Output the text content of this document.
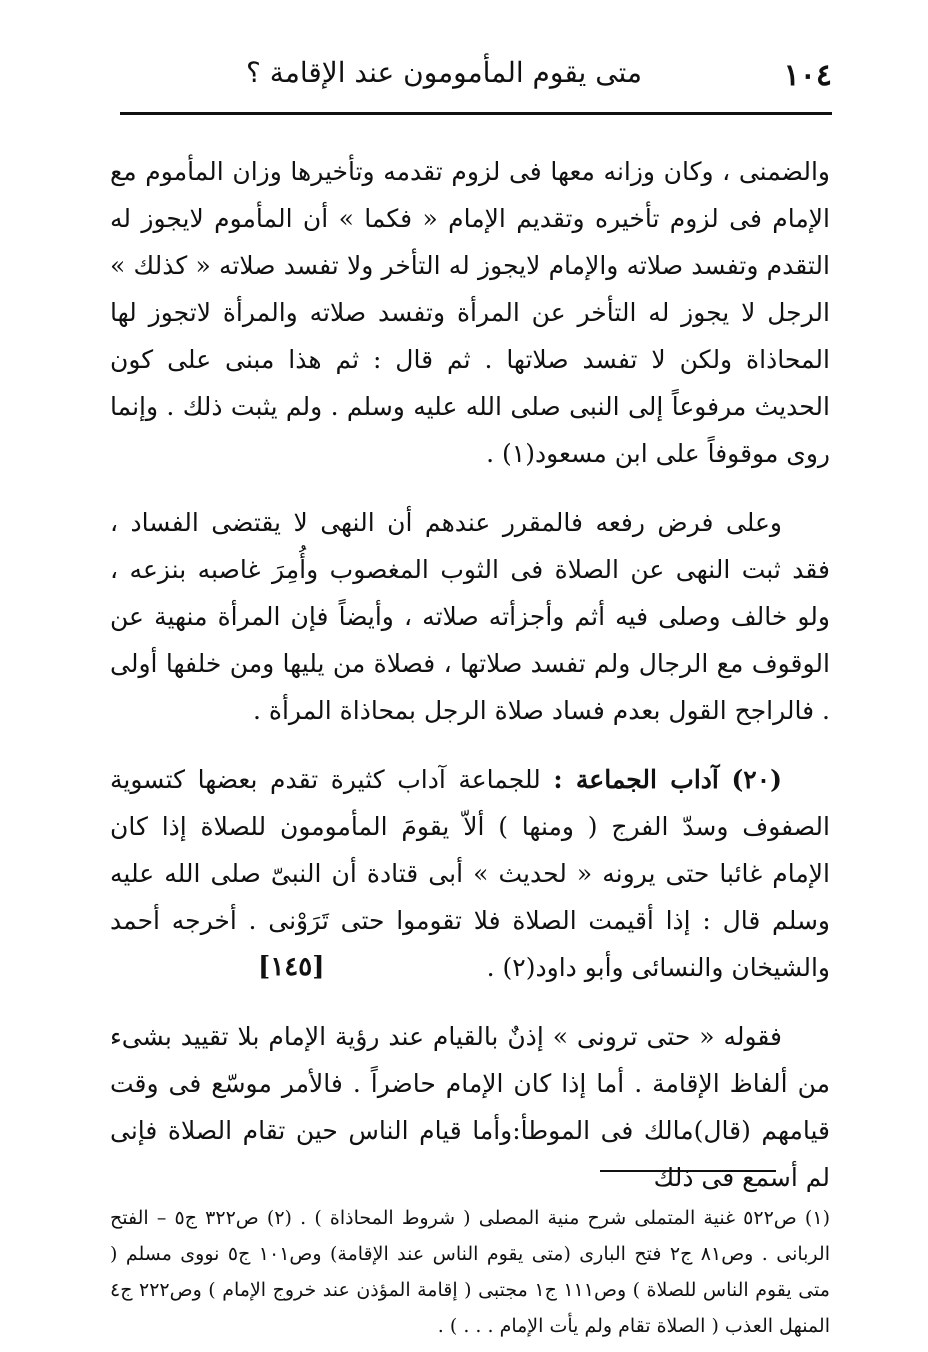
١٠٤
متى يقوم المأمومون عند الإقامة ؟

والضمنى ، وكان وزانه معها فى لزوم تقدمه وتأخيرها وزان المأموم مع الإمام فى لزوم تأخيره وتقديم الإمام « فكما » أن المأموم لايجوز له التقدم وتفسد صلاته والإمام لايجوز له التأخر ولا تفسد صلاته « كذلك » الرجل لا يجوز له التأخر عن المرأة وتفسد صلاته والمرأة لاتجوز لها المحاذاة ولكن لا تفسد صلاتها . ثم قال : ثم هذا مبنى على كون الحديث مرفوعاً إلى النبى صلى الله عليه وسلم . ولم يثبت ذلك . وإنما روى موقوفاً على ابن مسعود(١) .

وعلى فرض رفعه فالمقرر عندهم أن النهى لا يقتضى الفساد ، فقد ثبت النهى عن الصلاة فى الثوب المغصوب وأُمِرَ غاصبه بنزعه ، ولو خالف وصلى فيه أثم وأجزأته صلاته ، وأيضاً فإن المرأة منهية عن الوقوف مع الرجال ولم تفسد صلاتها ، فصلاة من يليها ومن خلفها أولى . فالراجح القول بعدم فساد صلاة الرجل بمحاذاة المرأة .

(٢٠) آداب الجماعة : للجماعة آداب كثيرة تقدم بعضها كتسوية الصفوف وسدّ الفرج ( ومنها ) ألاّ يقومَ المأمومون للصلاة إذا كان الإمام غائبا حتى يرونه « لحديث » أبى قتادة أن النبىّ صلى الله عليه وسلم قال : إذا أقيمت الصلاة فلا تقوموا حتى تَرَوْنى . أخرجه أحمد والشيخان والنسائى وأبو داود(٢) .
[١٤٥]

فقوله « حتى ترونى » إذنٌ بالقيام عند رؤية الإمام بلا تقييد بشىء من ألفاظ الإقامة . أما إذا كان الإمام حاضراً . فالأمر موسّع فى وقت قيامهم (قال)مالك فى الموطأ:وأما قيام الناس حين تقام الصلاة فإنى لم أسمع فى ذلك

(١) ص٥٢٢ غنية المتملى شرح منية المصلى ( شروط المحاذاة ) . (٢) ص٣٢٢ ج٥ – الفتح الربانى . وص٨١ ج٢ فتح البارى (متى يقوم الناس عند الإقامة) وص١٠١ ج٥ نووى مسلم ( متى يقوم الناس للصلاة ) وص١١١ ج١ مجتبى ( إقامة المؤذن عند خروج الإمام ) وص٢٢٢ ج٤ المنهل العذب ( الصلاة تقام ولم يأت الإمام . . . ) .
